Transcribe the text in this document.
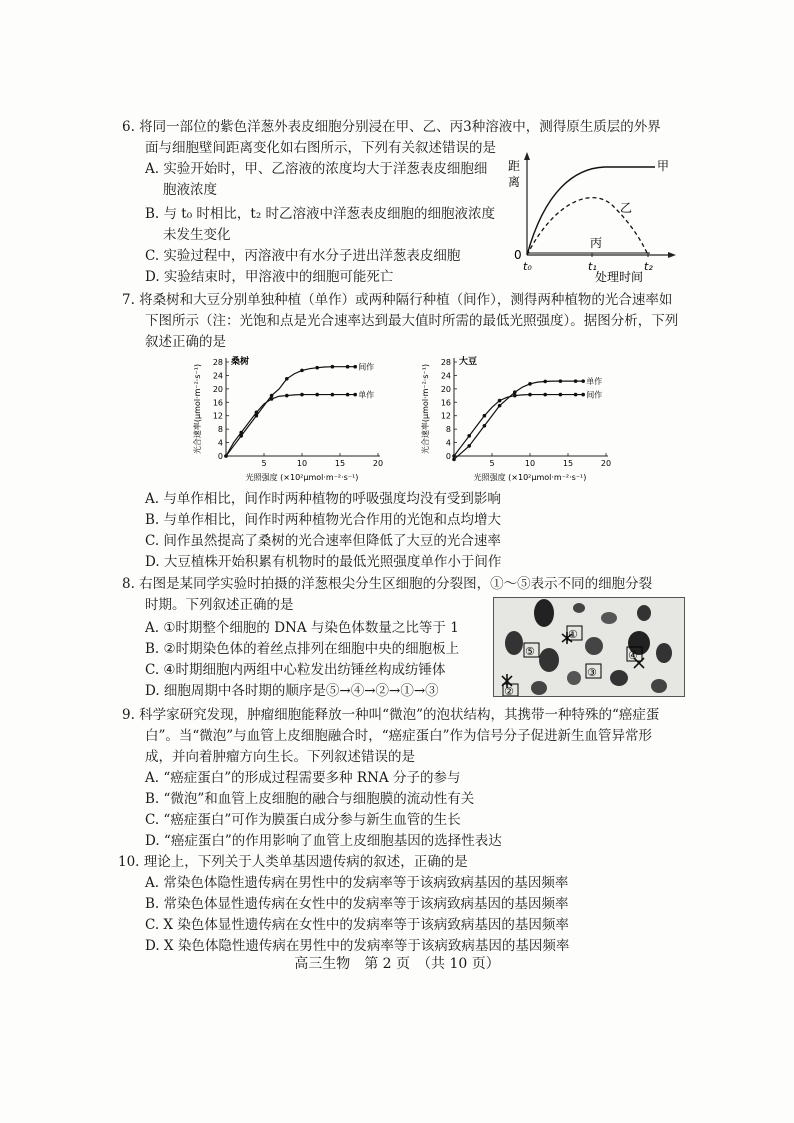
6. 将同一部位的紫色洋葱外表皮细胞分别浸在甲、乙、丙3种溶液中，测得原生质层的外界
面与细胞壁间距离变化如右图所示，下列有关叙述错误的是
A. 实验开始时，甲、乙溶液的浓度均大于洋葱表皮细胞细
胞液浓度
B. 与 t₀ 时相比，t₂ 时乙溶液中洋葱表皮细胞的细胞液浓度
未发生变化
C. 实验过程中，丙溶液中有水分子进出洋葱表皮细胞
D. 实验结束时，甲溶液中的细胞可能死亡
距
离
甲
乙
丙
0
t₀	t₁	t₂
处理时间
7. 将桑树和大豆分别单独种植（单作）或两种隔行种植（间作），测得两种植物的光合速率如
下图所示（注：光饱和点是光合速率达到最大值时所需的最低光照强度）。据图分析，下列
叙述正确的是
0
4
8
12
16
20
24
28
5	10	15	20
桑树
光合速率(μmol·m⁻²·s⁻¹)
光照强度 (×10²μmol·m⁻²·s⁻¹)
间作
单作
0
4
8
12
16
20
24
28
5	10	15	20
大豆
光合速率(μmol·m⁻²·s⁻¹)
光照强度 (×10²μmol·m⁻²·s⁻¹)
单作
间作
A. 与单作相比，间作时两种植物的呼吸强度均没有受到影响
B. 与单作相比，间作时两种植物光合作用的光饱和点均增大
C. 间作虽然提高了桑树的光合速率但降低了大豆的光合速率
D. 大豆植株开始积累有机物时的最低光照强度单作小于间作
8. 右图是某同学实验时拍摄的洋葱根尖分生区细胞的分裂图，①～⑤表示不同的细胞分裂
时期。下列叙述正确的是
A. ①时期整个细胞的 DNA 与染色体数量之比等于 1
B. ②时期染色体的着丝点排列在细胞中央的细胞板上
C. ④时期细胞内两组中心粒发出纺锤丝构成纺锤体
D. 细胞周期中各时期的顺序是⑤→④→②→①→③
①
②
③
④
⑤
9. 科学家研究发现，肿瘤细胞能释放一种叫“微泡”的泡状结构，其携带一种特殊的“癌症蛋
白”。当“微泡”与血管上皮细胞融合时，“癌症蛋白”作为信号分子促进新生血管异常形
成，并向着肿瘤方向生长。下列叙述错误的是
A. “癌症蛋白”的形成过程需要多种 RNA 分子的参与
B. “微泡”和血管上皮细胞的融合与细胞膜的流动性有关
C. “癌症蛋白”可作为膜蛋白成分参与新生血管的生长
D. “癌症蛋白”的作用影响了血管上皮细胞基因的选择性表达
10. 理论上，下列关于人类单基因遗传病的叙述，正确的是
A. 常染色体隐性遗传病在男性中的发病率等于该病致病基因的基因频率
B. 常染色体显性遗传病在女性中的发病率等于该病致病基因的基因频率
C. X 染色体显性遗传病在女性中的发病率等于该病致病基因的基因频率
D. X 染色体隐性遗传病在男性中的发病率等于该病致病基因的基因频率
高三生物　第 2 页　（共 10 页）
